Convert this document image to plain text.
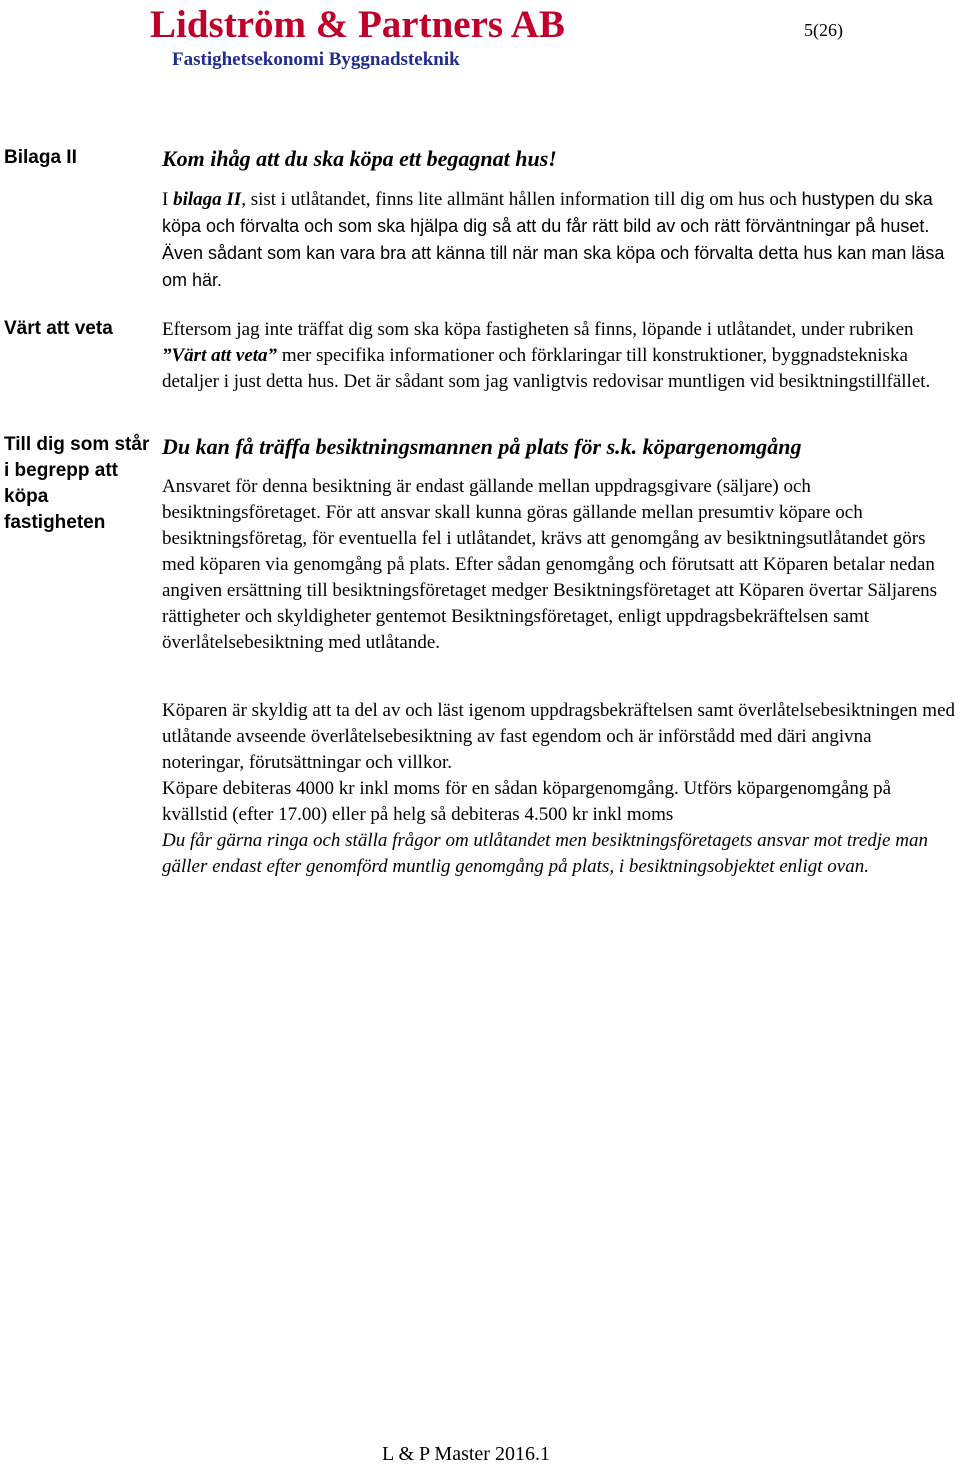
Lidström & Partners AB
Fastighetsekonomi Byggnadsteknik
5(26)
Bilaga II
Värt att veta
Till dig som står i begrepp att köpa fastigheten
Kom ihåg att du ska köpa ett begagnat hus!

I bilaga II, sist i utlåtandet, finns lite allmänt hållen information till dig om hus och hustypen du ska köpa och förvalta och som ska hjälpa dig så att du får rätt bild av och rätt förväntningar på huset. Även sådant som kan vara bra att känna till när man ska köpa och förvalta detta hus kan man läsa om här.

Eftersom jag inte träffat dig som ska köpa fastigheten så finns, löpande i utlåtandet, under rubriken ”Värt att veta” mer specifika informationer och förklaringar till konstruktioner, byggnadstekniska detaljer i just detta hus. Det är sådant som jag vanligtvis redovisar muntligen vid besiktningstillfället.

Du kan få träffa besiktningsmannen på plats för s.k. köpargenomgång

Ansvaret för denna besiktning är endast gällande mellan uppdragsgivare (säljare) och besiktningsföretaget. För att ansvar skall kunna göras gällande mellan presumtiv köpare och besiktningsföretag, för eventuella fel i utlåtandet, krävs att genomgång av besiktningsutlåtandet görs med köparen via genomgång på plats. Efter sådan genomgång och förutsatt att Köparen betalar nedan angiven ersättning till besiktningsföretaget medger Besiktningsföretaget att Köparen övertar Säljarens rättigheter och skyldigheter gentemot Besiktningsföretaget, enligt uppdragsbekräftelsen samt överlåtelsebesiktning med utlåtande.

Köparen är skyldig att ta del av och läst igenom uppdragsbekräftelsen samt överlåtelsebesiktningen med utlåtande avseende överlåtelsebesiktning av fast egendom och är införstådd med däri angivna noteringar, förutsättningar och villkor.

Köpare debiteras 4000 kr inkl moms för en sådan köpargenomgång. Utförs köpargenomgång på kvällstid (efter 17.00) eller på helg så debiteras 4.500 kr inkl moms

Du får gärna ringa och ställa frågor om utlåtandet men besiktningsföretagets ansvar mot tredje man gäller endast efter genomförd muntlig genomgång på plats, i besiktningsobjektet enligt ovan.

L & P Master 2016.1
